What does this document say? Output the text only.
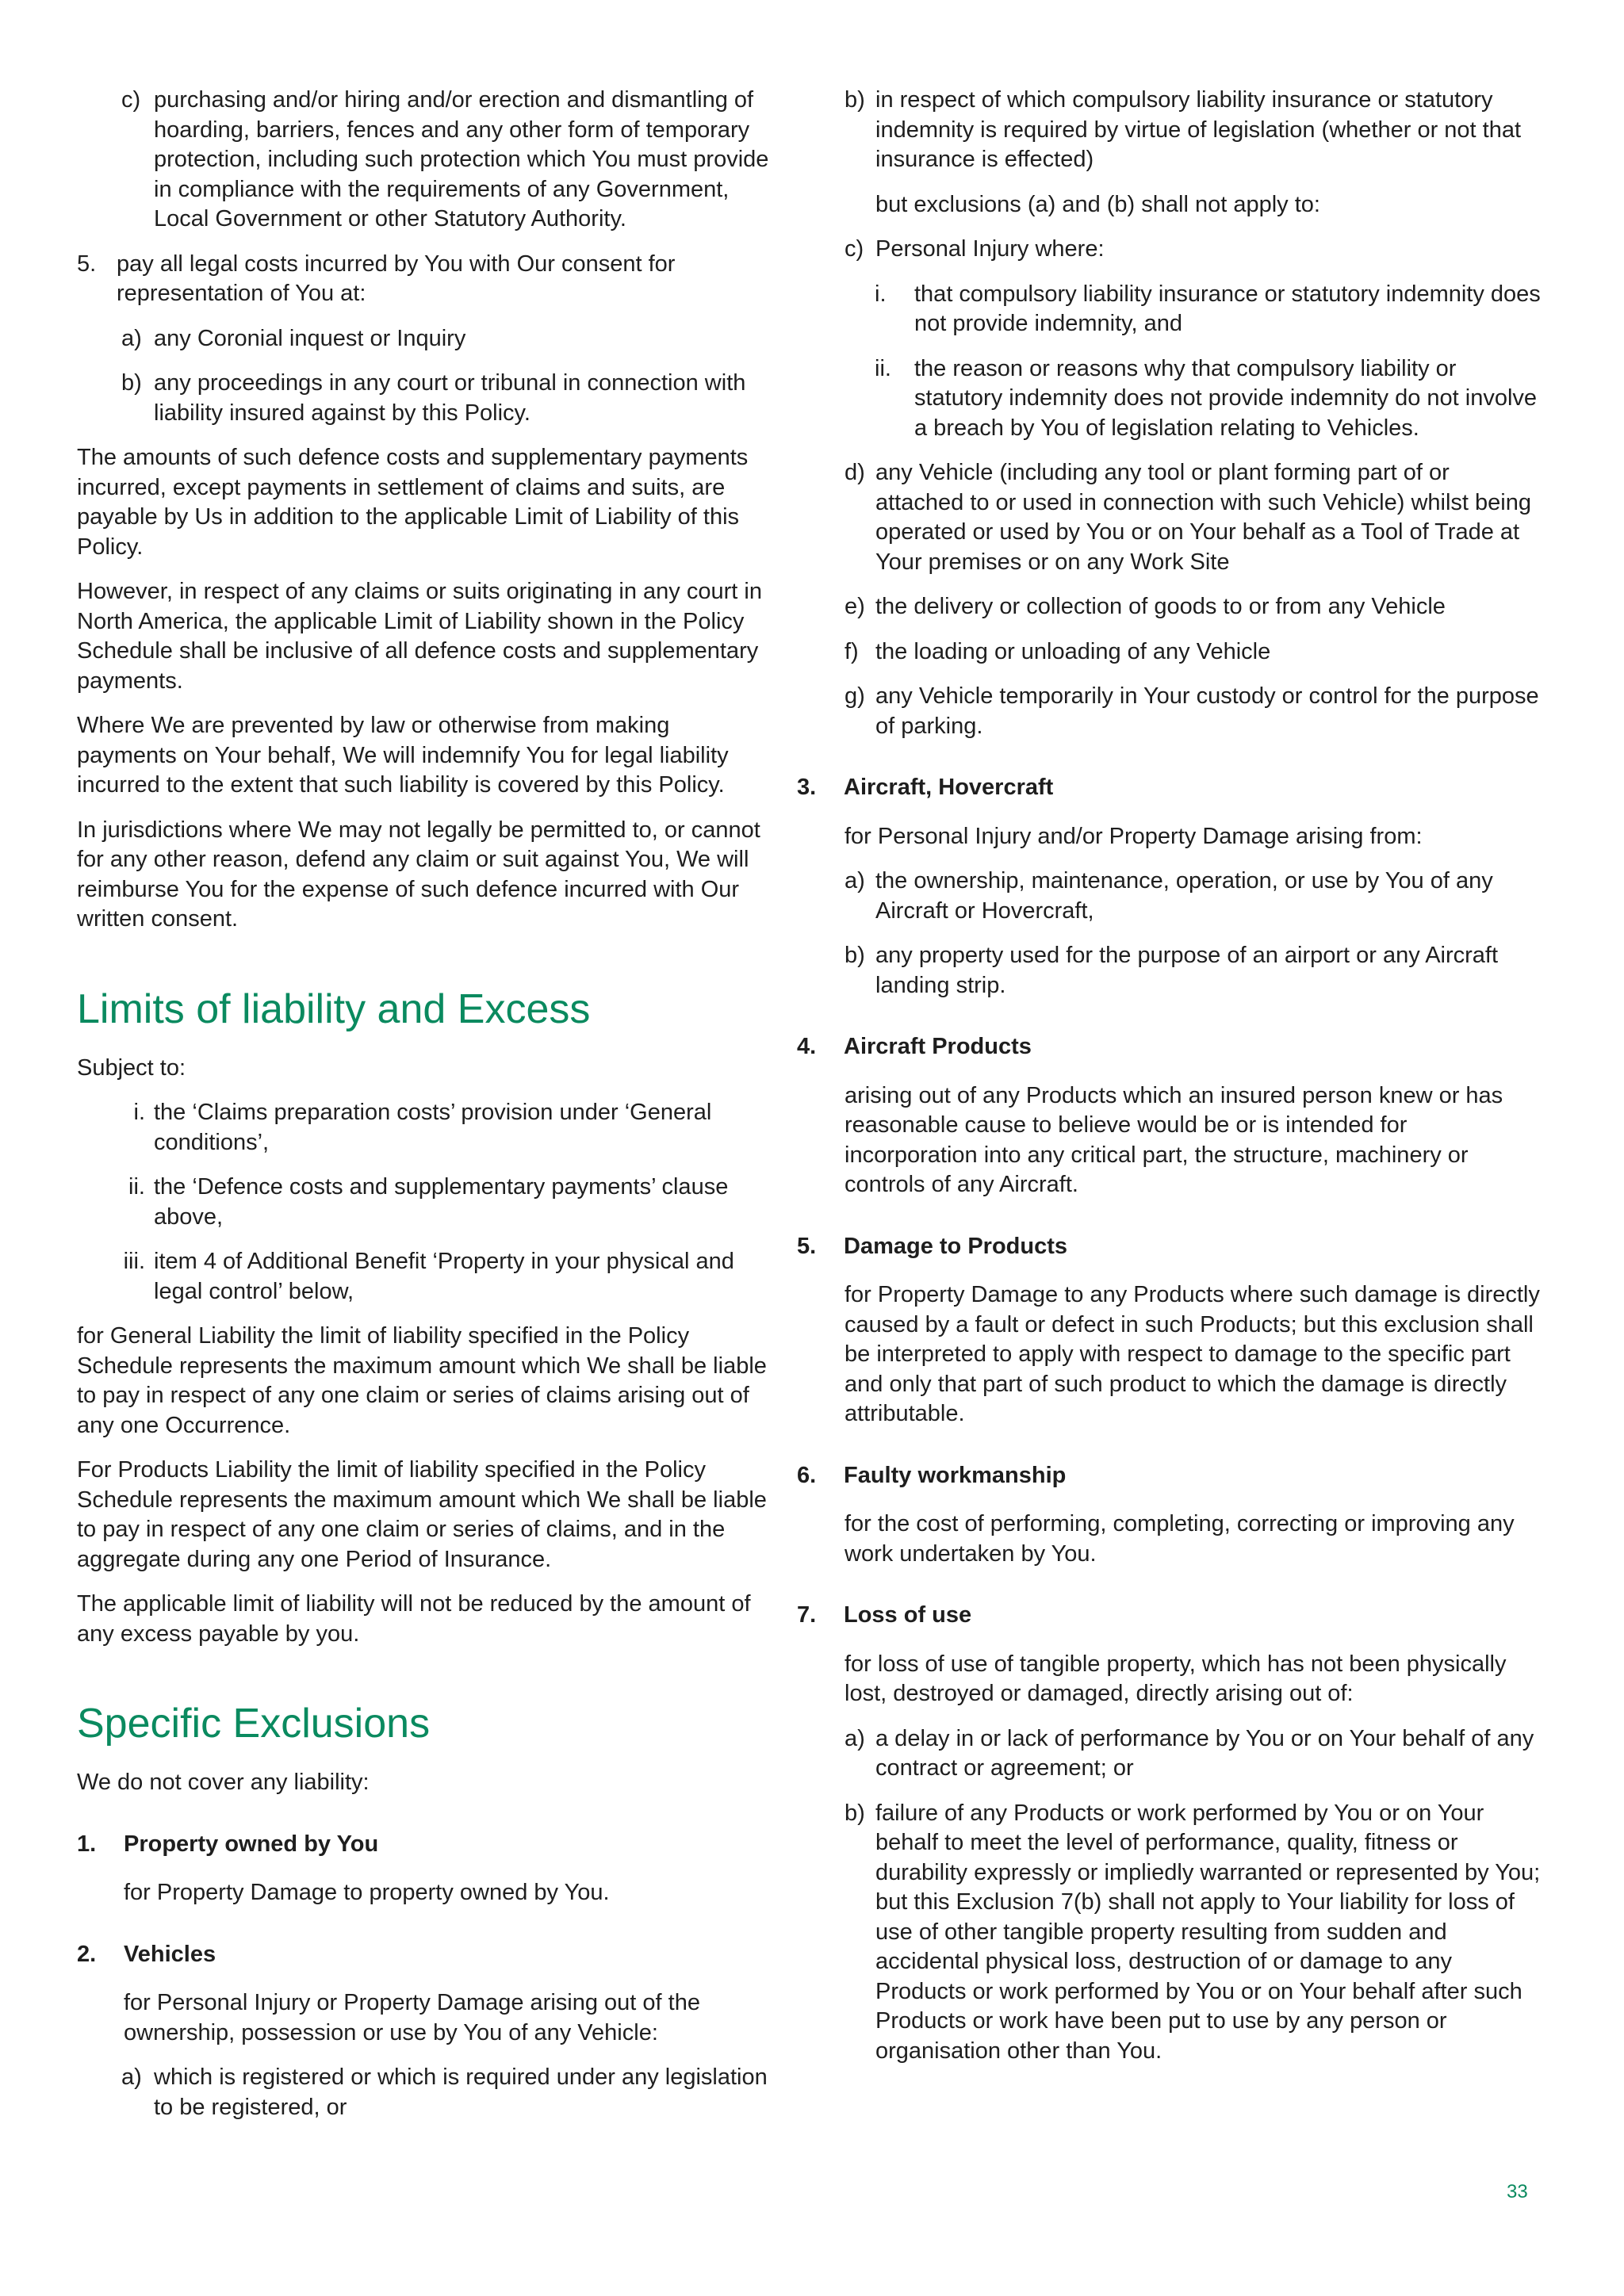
c) purchasing and/or hiring and/or erection and dismantling of hoarding, barriers, fences and any other form of temporary protection, including such protection which You must provide in compliance with the requirements of any Government, Local Government or other Statutory Authority.
5. pay all legal costs incurred by You with Our consent for representation of You at:
a) any Coronial inquest or Inquiry
b) any proceedings in any court or tribunal in connection with liability insured against by this Policy.

The amounts of such defence costs and supplementary payments incurred, except payments in settlement of claims and suits, are payable by Us in addition to the applicable Limit of Liability of this Policy.

However, in respect of any claims or suits originating in any court in North America, the applicable Limit of Liability shown in the Policy Schedule shall be inclusive of all defence costs and supplementary payments.

Where We are prevented by law or otherwise from making payments on Your behalf, We will indemnify You for legal liability incurred to the extent that such liability is covered by this Policy.

In jurisdictions where We may not legally be permitted to, or cannot for any other reason, defend any claim or suit against You, We will reimburse You for the expense of such defence incurred with Our written consent.

Limits of liability and Excess

Subject to:

i. the ‘Claims preparation costs’ provision under ‘General conditions’,
ii. the ‘Defence costs and supplementary payments’ clause above,
iii. item 4 of Additional Benefit ‘Property in your physical and legal control’ below,

for General Liability the limit of liability specified in the Policy Schedule represents the maximum amount which We shall be liable to pay in respect of any one claim or series of claims arising out of any one Occurrence.

For Products Liability the limit of liability specified in the Policy Schedule represents the maximum amount which We shall be liable to pay in respect of any one claim or series of claims, and in the aggregate during any one Period of Insurance.

The applicable limit of liability will not be reduced by the amount of any excess payable by you.

Specific Exclusions

We do not cover any liability:

1. Property owned by You

for Property Damage to property owned by You.

2. Vehicles

for Personal Injury or Property Damage arising out of the ownership, possession or use by You of any Vehicle:

a) which is registered or which is required under any legislation to be registered, or
b) in respect of which compulsory liability insurance or statutory indemnity is required by virtue of legislation (whether or not that insurance is effected)

but exclusions (a) and (b) shall not apply to:

c) Personal Injury where:
i. that compulsory liability insurance or statutory indemnity does not provide indemnity, and
ii. the reason or reasons why that compulsory liability or statutory indemnity does not provide indemnity do not involve a breach by You of legislation relating to Vehicles.
d) any Vehicle (including any tool or plant forming part of or attached to or used in connection with such Vehicle) whilst being operated or used by You or on Your behalf as a Tool of Trade at Your premises or on any Work Site
e) the delivery or collection of goods to or from any Vehicle
f) the loading or unloading of any Vehicle
g) any Vehicle temporarily in Your custody or control for the purpose of parking.
3. Aircraft, Hovercraft

for Personal Injury and/or Property Damage arising from:

a) the ownership, maintenance, operation, or use by You of any Aircraft or Hovercraft,
b) any property used for the purpose of an airport or any Aircraft landing strip.
4. Aircraft Products

arising out of any Products which an insured person knew or has reasonable cause to believe would be or is intended for incorporation into any critical part, the structure, machinery or controls of any Aircraft.

5. Damage to Products

for Property Damage to any Products where such damage is directly caused by a fault or defect in such Products; but this exclusion shall be interpreted to apply with respect to damage to the specific part and only that part of such product to which the damage is directly attributable.

6. Faulty workmanship

for the cost of performing, completing, correcting or improving any work undertaken by You.

7. Loss of use

for loss of use of tangible property, which has not been physically lost, destroyed or damaged, directly arising out of:

a) a delay in or lack of performance by You or on Your behalf of any contract or agreement; or
b) failure of any Products or work performed by You or on Your behalf to meet the level of performance, quality, fitness or durability expressly or impliedly warranted or represented by You; but this Exclusion 7(b) shall not apply to Your liability for loss of use of other tangible property resulting from sudden and accidental physical loss, destruction of or damage to any Products or work performed by You or on Your behalf after such Products or work have been put to use by any person or organisation other than You.
33
